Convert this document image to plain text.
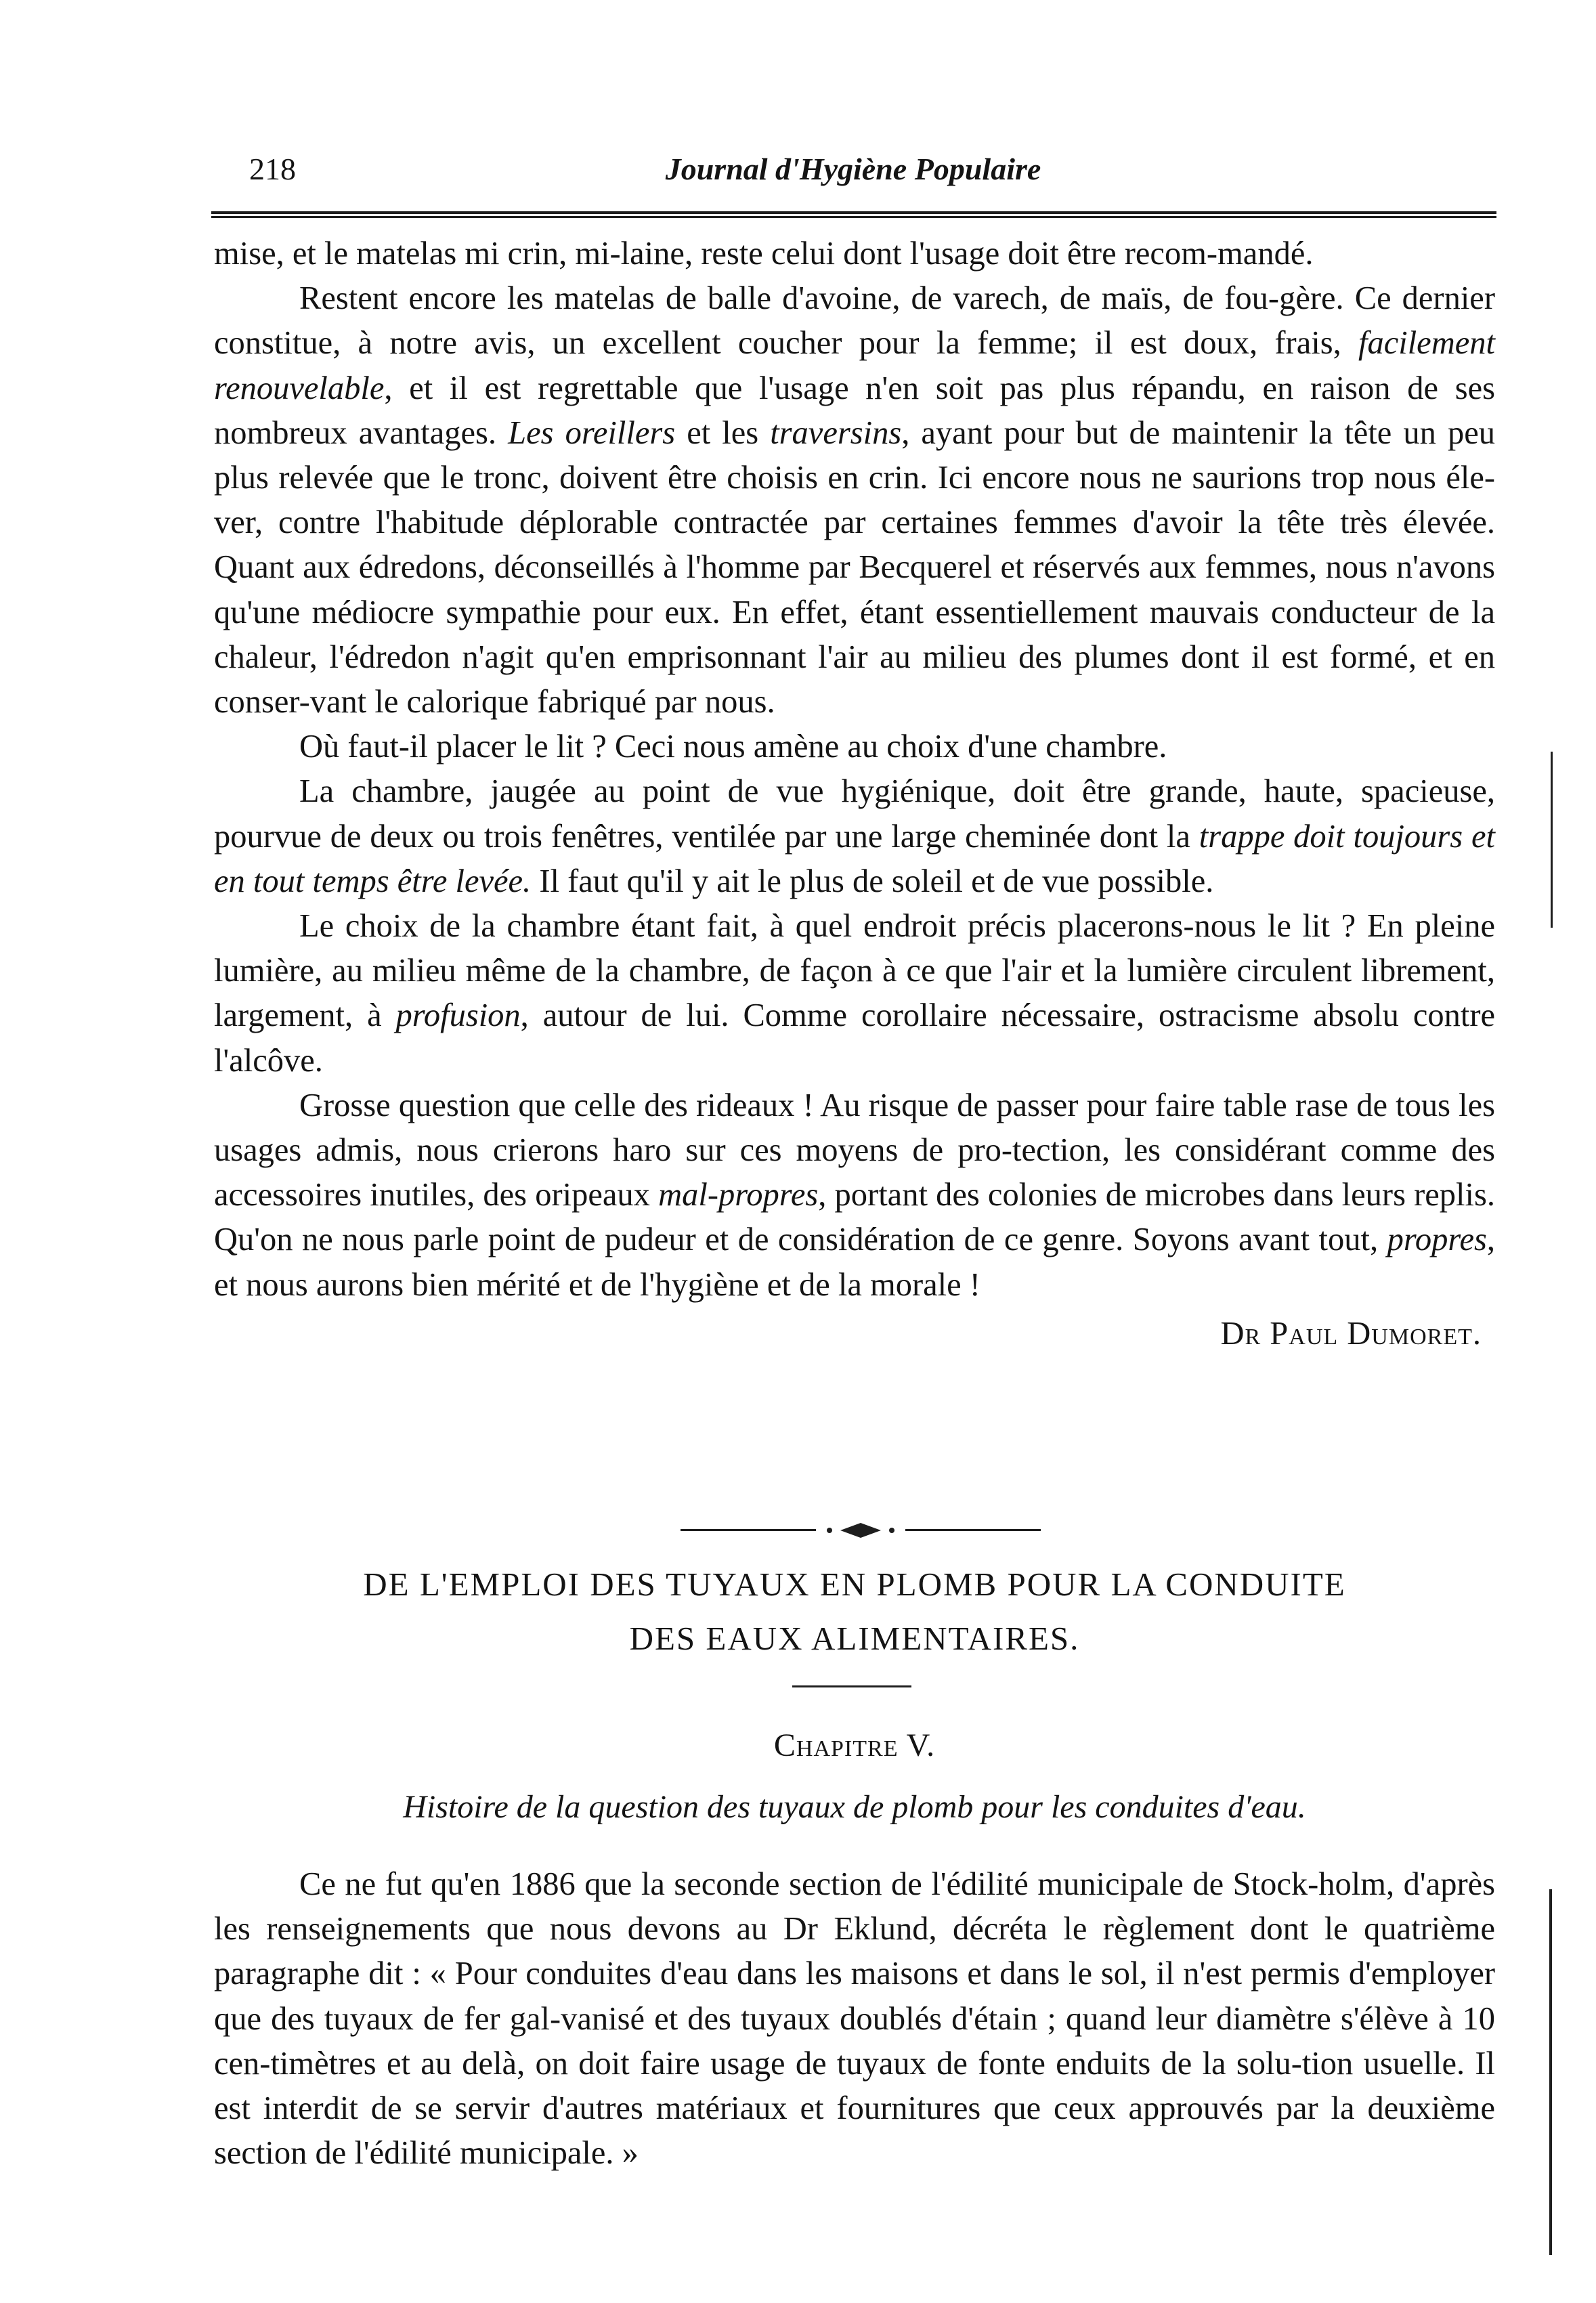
218	Journal d'Hygiène Populaire

mise, et le matelas mi crin, mi-laine, reste celui dont l'usage doit être recom-mandé.

Restent encore les matelas de balle d'avoine, de varech, de maïs, de fou-gère. Ce dernier constitue, à notre avis, un excellent coucher pour la femme; il est doux, frais, facilement renouvelable, et il est regrettable que l'usage n'en soit pas plus répandu, en raison de ses nombreux avantages. Les oreillers et les traversins, ayant pour but de maintenir la tête un peu plus relevée que le tronc, doivent être choisis en crin. Ici encore nous ne saurions trop nous éle-ver, contre l'habitude déplorable contractée par certaines femmes d'avoir la tête très élevée. Quant aux édredons, déconseillés à l'homme par Becquerel et réservés aux femmes, nous n'avons qu'une médiocre sympathie pour eux. En effet, étant essentiellement mauvais conducteur de la chaleur, l'édredon n'agit qu'en emprisonnant l'air au milieu des plumes dont il est formé, et en conser-vant le calorique fabriqué par nous.

Où faut-il placer le lit ? Ceci nous amène au choix d'une chambre.

La chambre, jaugée au point de vue hygiénique, doit être grande, haute, spacieuse, pourvue de deux ou trois fenêtres, ventilée par une large cheminée dont la trappe doit toujours et en tout temps être levée. Il faut qu'il y ait le plus de soleil et de vue possible.

Le choix de la chambre étant fait, à quel endroit précis placerons-nous le lit ? En pleine lumière, au milieu même de la chambre, de façon à ce que l'air et la lumière circulent librement, largement, à profusion, autour de lui. Comme corollaire nécessaire, ostracisme absolu contre l'alcôve.

Grosse question que celle des rideaux ! Au risque de passer pour faire table rase de tous les usages admis, nous crierons haro sur ces moyens de pro-tection, les considérant comme des accessoires inutiles, des oripeaux mal-propres, portant des colonies de microbes dans leurs replis. Qu'on ne nous parle point de pudeur et de considération de ce genre. Soyons avant tout, propres, et nous aurons bien mérité et de l'hygiène et de la morale !

Dr Paul Dumoret.

DE L'EMPLOI DES TUYAUX EN PLOMB POUR LA CONDUITE
DES EAUX ALIMENTAIRES.
Chapitre V.
Histoire de la question des tuyaux de plomb pour les conduites d'eau.

Ce ne fut qu'en 1886 que la seconde section de l'édilité municipale de Stock-holm, d'après les renseignements que nous devons au Dr Eklund, décréta le règlement dont le quatrième paragraphe dit : « Pour conduites d'eau dans les maisons et dans le sol, il n'est permis d'employer que des tuyaux de fer gal-vanisé et des tuyaux doublés d'étain ; quand leur diamètre s'élève à 10 cen-timètres et au delà, on doit faire usage de tuyaux de fonte enduits de la solu-tion usuelle. Il est interdit de se servir d'autres matériaux et fournitures que ceux approuvés par la deuxième section de l'édilité municipale. »
